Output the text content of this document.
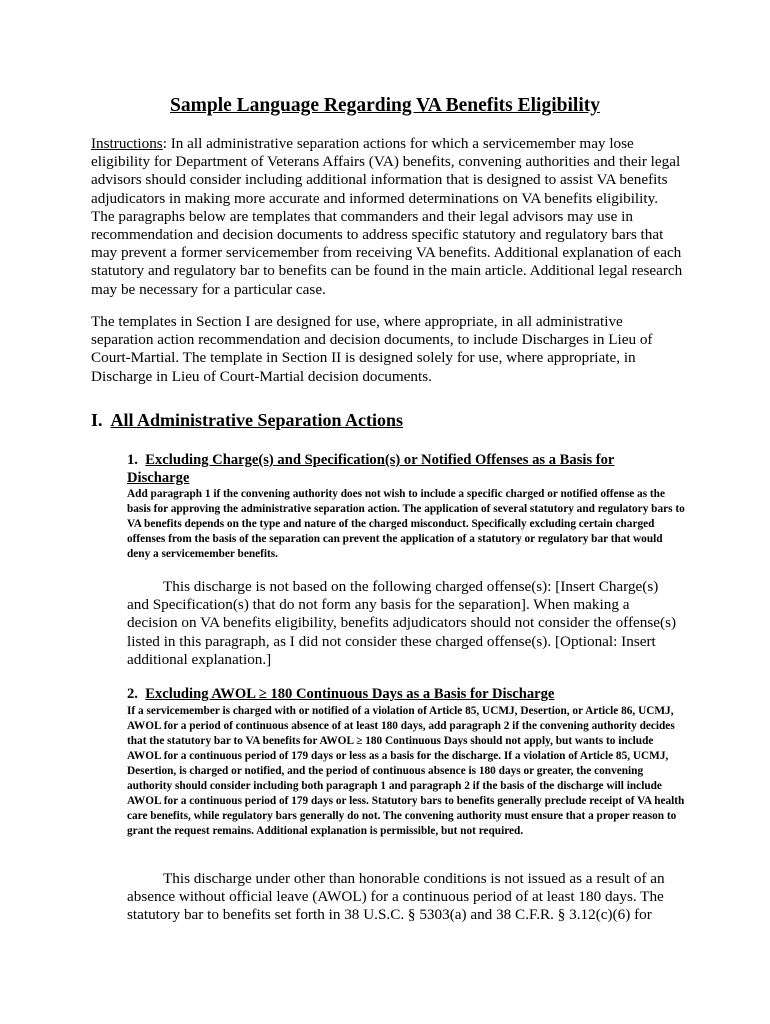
Sample Language Regarding VA Benefits Eligibility

Instructions: In all administrative separation actions for which a servicemember may lose eligibility for Department of Veterans Affairs (VA) benefits, convening authorities and their legal advisors should consider including additional information that is designed to assist VA benefits adjudicators in making more accurate and informed determinations on VA benefits eligibility. The paragraphs below are templates that commanders and their legal advisors may use in recommendation and decision documents to address specific statutory and regulatory bars that may prevent a former servicemember from receiving VA benefits. Additional explanation of each statutory and regulatory bar to benefits can be found in the main article. Additional legal research may be necessary for a particular case.

The templates in Section I are designed for use, where appropriate, in all administrative separation action recommendation and decision documents, to include Discharges in Lieu of Court-Martial. The template in Section II is designed solely for use, where appropriate, in Discharge in Lieu of Court-Martial decision documents.

I. All Administrative Separation Actions
1. Excluding Charge(s) and Specification(s) or Notified Offenses as a Basis for Discharge

Add paragraph 1 if the convening authority does not wish to include a specific charged or notified offense as the basis for approving the administrative separation action. The application of several statutory and regulatory bars to VA benefits depends on the type and nature of the charged misconduct. Specifically excluding certain charged offenses from the basis of the separation can prevent the application of a statutory or regulatory bar that would deny a servicemember benefits.

This discharge is not based on the following charged offense(s): [Insert Charge(s) and Specification(s) that do not form any basis for the separation]. When making a decision on VA benefits eligibility, benefits adjudicators should not consider the offense(s) listed in this paragraph, as I did not consider these charged offense(s). [Optional: Insert additional explanation.]

2. Excluding AWOL ≥ 180 Continuous Days as a Basis for Discharge

If a servicemember is charged with or notified of a violation of Article 85, UCMJ, Desertion, or Article 86, UCMJ, AWOL for a period of continuous absence of at least 180 days, add paragraph 2 if the convening authority decides that the statutory bar to VA benefits for AWOL ≥ 180 Continuous Days should not apply, but wants to include AWOL for a continuous period of 179 days or less as a basis for the discharge. If a violation of Article 85, UCMJ, Desertion, is charged or notified, and the period of continuous absence is 180 days or greater, the convening authority should consider including both paragraph 1 and paragraph 2 if the basis of the discharge will include AWOL for a continuous period of 179 days or less. Statutory bars to benefits generally preclude receipt of VA health care benefits, while regulatory bars generally do not. The convening authority must ensure that a proper reason to grant the request remains. Additional explanation is permissible, but not required.

This discharge under other than honorable conditions is not issued as a result of an absence without official leave (AWOL) for a continuous period of at least 180 days. The statutory bar to benefits set forth in 38 U.S.C. § 5303(a) and 38 C.F.R. § 3.12(c)(6) for
